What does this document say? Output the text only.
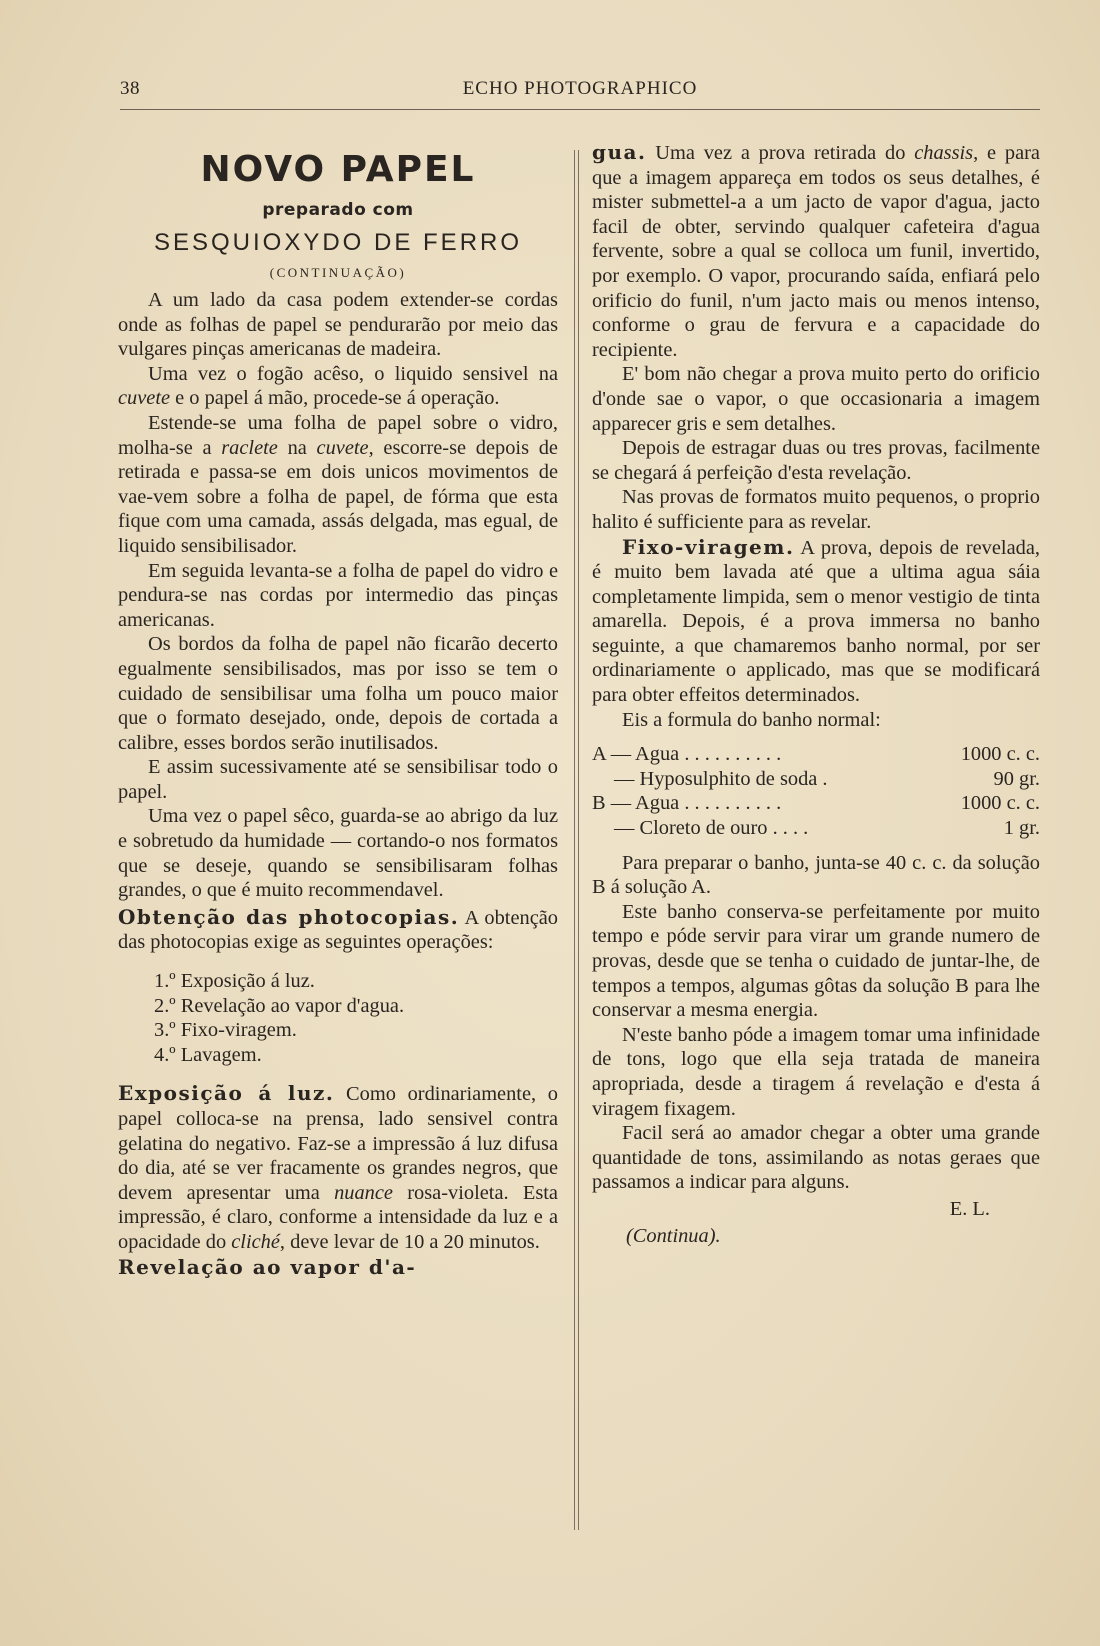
38	ECHO PHOTOGRAPHICO
NOVO PAPEL
preparado com
SESQUIOXYDO DE FERRO
(CONTINUAÇÃO)

A um lado da casa podem extender-se cordas onde as folhas de papel se pendurarão por meio das vulgares pinças americanas de madeira.

Uma vez o fogão acêso, o liquido sensivel na cuvete e o papel á mão, procede-se á operação.

Estende-se uma folha de papel sobre o vidro, molha-se a raclete na cuvete, escorre-se depois de retirada e passa-se em dois unicos movimentos de vae-vem sobre a folha de papel, de fórma que esta fique com uma camada, assás delgada, mas egual, de liquido sensibilisador.

Em seguida levanta-se a folha de papel do vidro e pendura-se nas cordas por intermedio das pinças americanas.

Os bordos da folha de papel não ficarão decerto egualmente sensibilisados, mas por isso se tem o cuidado de sensibilisar uma folha um pouco maior que o formato desejado, onde, depois de cortada a calibre, esses bordos serão inutilisados.

E assim sucessivamente até se sensibilisar todo o papel.

Uma vez o papel sêco, guarda-se ao abrigo da luz e sobretudo da humidade — cortando-o nos formatos que se deseje, quando se sensibilisaram folhas grandes, o que é muito recommendavel.

Obtenção das photocopias. A obtenção das photocopias exige as seguintes operações:

1.º Exposição á luz.
2.º Revelação ao vapor d'agua.
3.º Fixo-viragem.
4.º Lavagem.

Exposição á luz. Como ordinariamente, o papel colloca-se na prensa, lado sensivel contra gelatina do negativo. Faz-se a impressão á luz difusa do dia, até se ver fracamente os grandes negros, que devem apresentar uma nuance rosa-violeta. Esta impressão, é claro, conforme a intensidade da luz e a opacidade do cliché, deve levar de 10 a 20 minutos.

Revelação ao vapor d'a-

gua. Uma vez a prova retirada do chassis, e para que a imagem appareça em todos os seus detalhes, é mister submettel-a a um jacto de vapor d'agua, jacto facil de obter, servindo qualquer cafeteira d'agua fervente, sobre a qual se colloca um funil, invertido, por exemplo. O vapor, procurando saída, enfiará pelo orificio do funil, n'um jacto mais ou menos intenso, conforme o grau de fervura e a capacidade do recipiente.

E' bom não chegar a prova muito perto do orificio d'onde sae o vapor, o que occasionaria a imagem apparecer gris e sem detalhes.

Depois de estragar duas ou tres provas, facilmente se chegará á perfeição d'esta revelação.

Nas provas de formatos muito pequenos, o proprio halito é sufficiente para as revelar.

Fixo-viragem. A prova, depois de revelada, é muito bem lavada até que a ultima agua sáia completamente limpida, sem o menor vestigio de tinta amarella. Depois, é a prova immersa no banho seguinte, a que chamaremos banho normal, por ser ordinariamente o applicado, mas que se modificará para obter effeitos determinados.

Eis a formula do banho normal:

A — Agua . . . . . . . . . .	1000 c. c.
— Hyposulphito de soda .	90 gr.
B — Agua . . . . . . . . . .	1000 c. c.
— Cloreto de ouro . . . .	1 gr.

Para preparar o banho, junta-se 40 c. c. da solução B á solução A.

Este banho conserva-se perfeitamente por muito tempo e póde servir para virar um grande numero de provas, desde que se tenha o cuidado de juntar-lhe, de tempos a tempos, algumas gôtas da solução B para lhe conservar a mesma energia.

N'este banho póde a imagem tomar uma infinidade de tons, logo que ella seja tratada de maneira apropriada, desde a tiragem á revelação e d'esta á viragem fixagem.

Facil será ao amador chegar a obter uma grande quantidade de tons, assimilando as notas geraes que passamos a indicar para alguns.

E. L.

(Continua).
